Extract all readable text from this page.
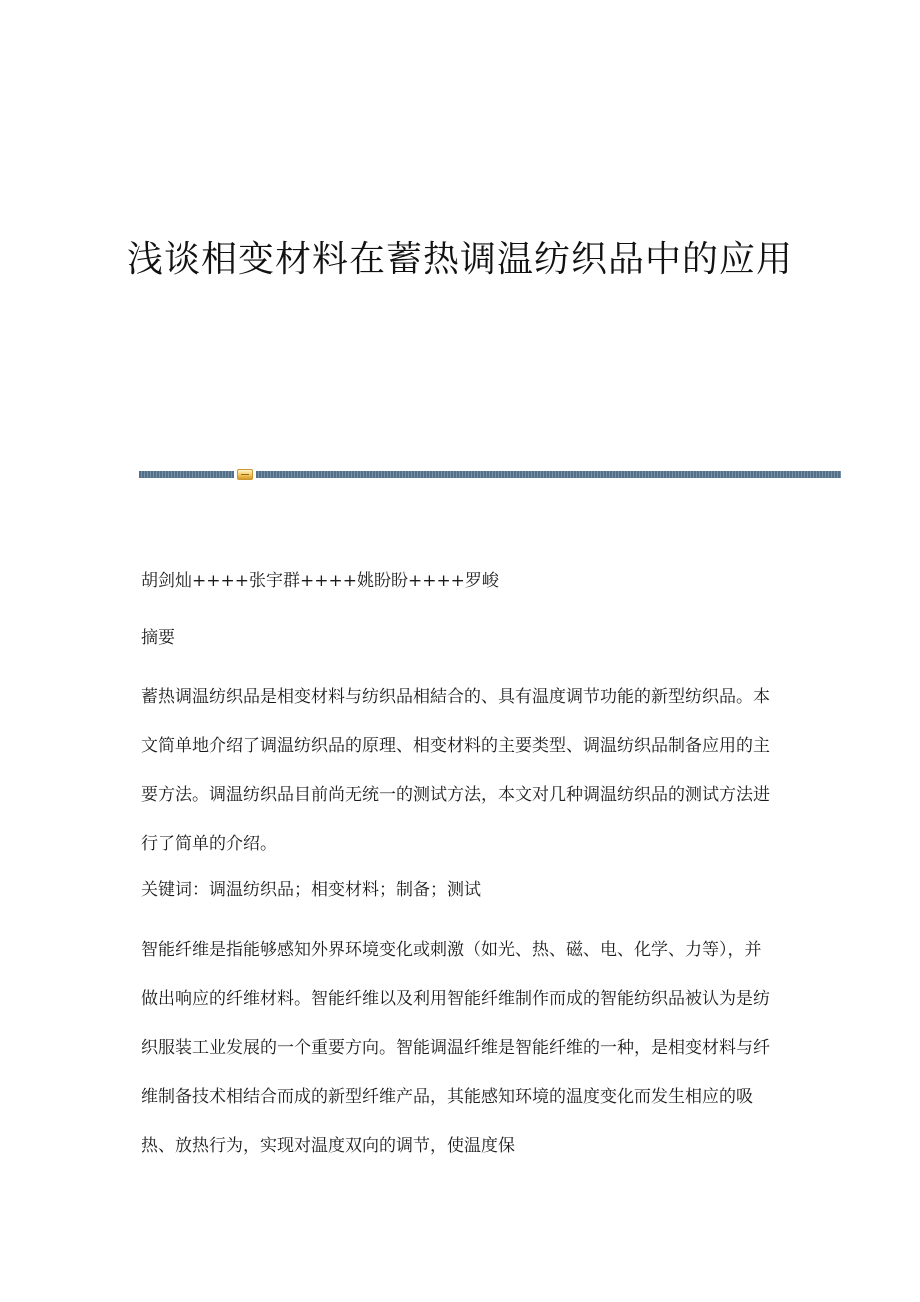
浅谈相变材料在蓄热调温纺织品中的应用

胡剑灿++++张宇群++++姚盼盼++++罗峻

摘要

蓄热调温纺织品是相变材料与纺织品相結合的、具有温度调节功能的新型纺织品。本文简单地介绍了调温纺织品的原理、相变材料的主要类型、调温纺织品制备应用的主要方法。调温纺织品目前尚无统一的测试方法，本文对几种调温纺织品的测试方法进行了简单的介绍。

关键词：调温纺织品；相变材料；制备；测试

智能纤维是指能够感知外界环境变化或刺激（如光、热、磁、电、化学、力等），并做出响应的纤维材料。智能纤维以及利用智能纤维制作而成的智能纺织品被认为是纺织服装工业发展的一个重要方向。智能调温纤维是智能纤维的一种，是相变材料与纤维制备技术相结合而成的新型纤维产品，其能感知环境的温度变化而发生相应的吸热、放热行为，实现对温度双向的调节，使温度保
